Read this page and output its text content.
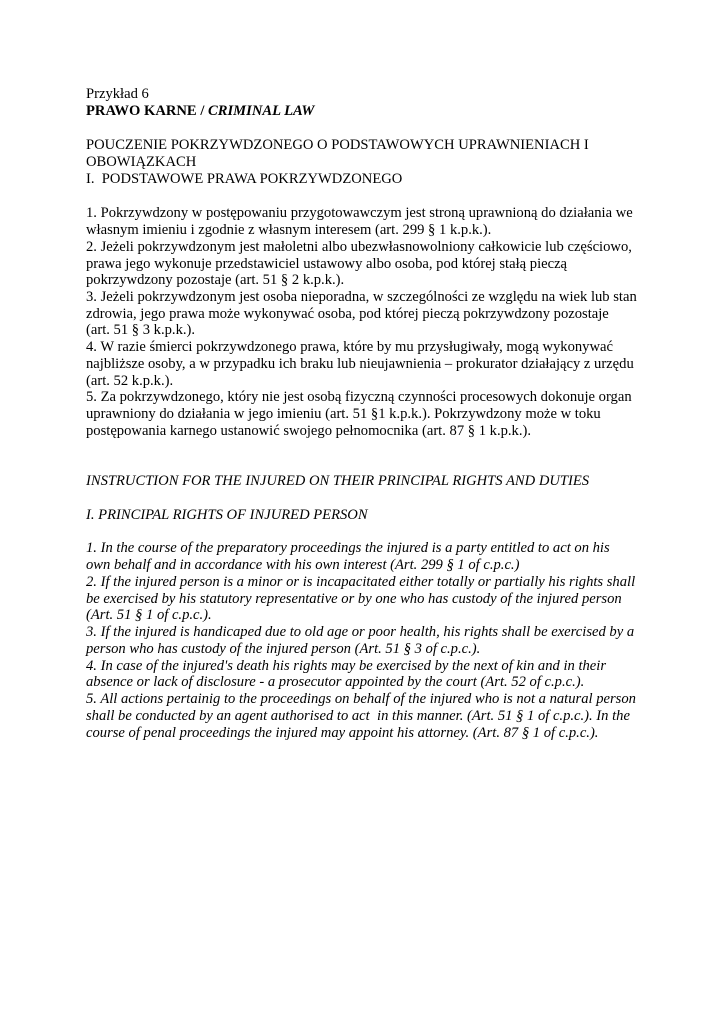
Przykład 6

PRAWO KARNE / CRIMINAL LAW

POUCZENIE POKRZYWDZONEGO O PODSTAWOWYCH UPRAWNIENIACH I

OBOWIĄZKACH

I.  PODSTAWOWE PRAWA POKRZYWDZONEGO

1. Pokrzywdzony w postępowaniu przygotowawczym jest stroną uprawnioną do działania we

własnym imieniu i zgodnie z własnym interesem (art. 299 § 1 k.p.k.).

2. Jeżeli pokrzywdzonym jest małoletni albo ubezwłasnowolniony całkowicie lub częściowo,

prawa jego wykonuje przedstawiciel ustawowy albo osoba, pod której stałą pieczą

pokrzywdzony pozostaje (art. 51 § 2 k.p.k.).

3. Jeżeli pokrzywdzonym jest osoba nieporadna, w szczególności ze względu na wiek lub stan

zdrowia, jego prawa może wykonywać osoba, pod której pieczą pokrzywdzony pozostaje

(art. 51 § 3 k.p.k.).

4. W razie śmierci pokrzywdzonego prawa, które by mu przysługiwały, mogą wykonywać

najbliższe osoby, a w przypadku ich braku lub nieujawnienia – prokurator działający z urzędu

(art. 52 k.p.k.).

5. Za pokrzywdzonego, który nie jest osobą fizyczną czynności procesowych dokonuje organ

uprawniony do działania w jego imieniu (art. 51 §1 k.p.k.). Pokrzywdzony może w toku

postępowania karnego ustanowić swojego pełnomocnika (art. 87 § 1 k.p.k.).

INSTRUCTION FOR THE INJURED ON THEIR PRINCIPAL RIGHTS AND DUTIES

I. PRINCIPAL RIGHTS OF INJURED PERSON

1. In the course of the preparatory proceedings the injured is a party entitled to act on his

own behalf and in accordance with his own interest (Art. 299 § 1 of c.p.c.)

2. If the injured person is a minor or is incapacitated either totally or partially his rights shall

be exercised by his statutory representative or by one who has custody of the injured person

(Art. 51 § 1 of c.p.c.).

3. If the injured is handicaped due to old age or poor health, his rights shall be exercised by a

person who has custody of the injured person (Art. 51 § 3 of c.p.c.).

4. In case of the injured's death his rights may be exercised by the next of kin and in their

absence or lack of disclosure - a prosecutor appointed by the court (Art. 52 of c.p.c.).

5. All actions pertainig to the proceedings on behalf of the injured who is not a natural person

shall be conducted by an agent authorised to act  in this manner. (Art. 51 § 1 of c.p.c.). In the

course of penal proceedings the injured may appoint his attorney. (Art. 87 § 1 of c.p.c.).
